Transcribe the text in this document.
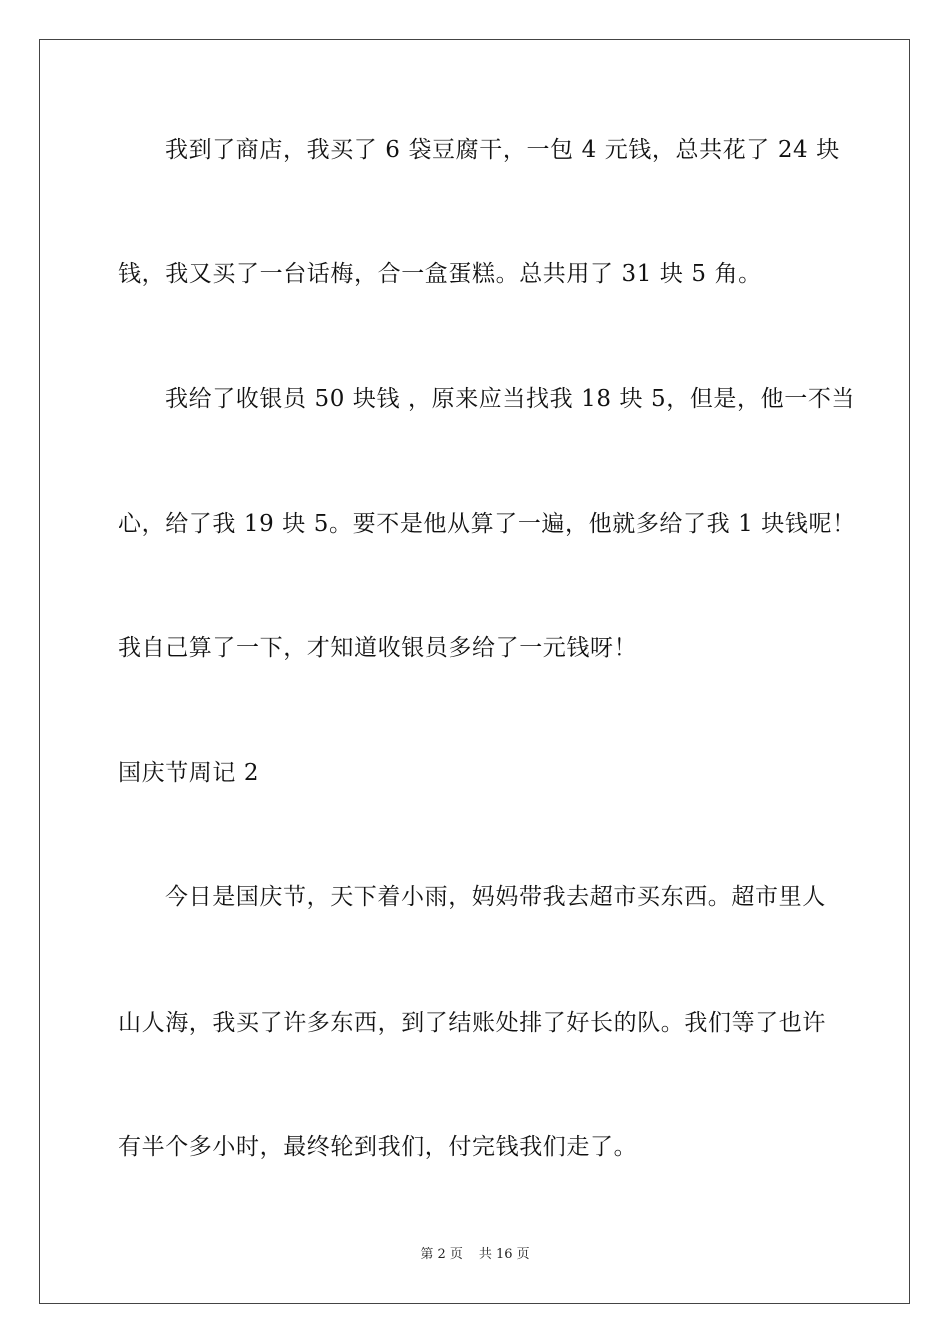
我到了商店，我买了 6 袋豆腐干，一包 4 元钱，总共花了 24 块
钱，我又买了一台话梅，合一盒蛋糕。总共用了 31 块 5 角。
我给了收银员 50 块钱 ，原来应当找我 18 块 5，但是，他一不当
心，给了我 19 块 5。要不是他从算了一遍，他就多给了我 1 块钱呢！
我自己算了一下，才知道收银员多给了一元钱呀！
国庆节周记 2
今日是国庆节，天下着小雨，妈妈带我去超市买东西。超市里人
山人海，我买了许多东西，到了结账处排了好长的队。我们等了也许
有半个多小时，最终轮到我们，付完钱我们走了。
第 2 页 共 16 页
